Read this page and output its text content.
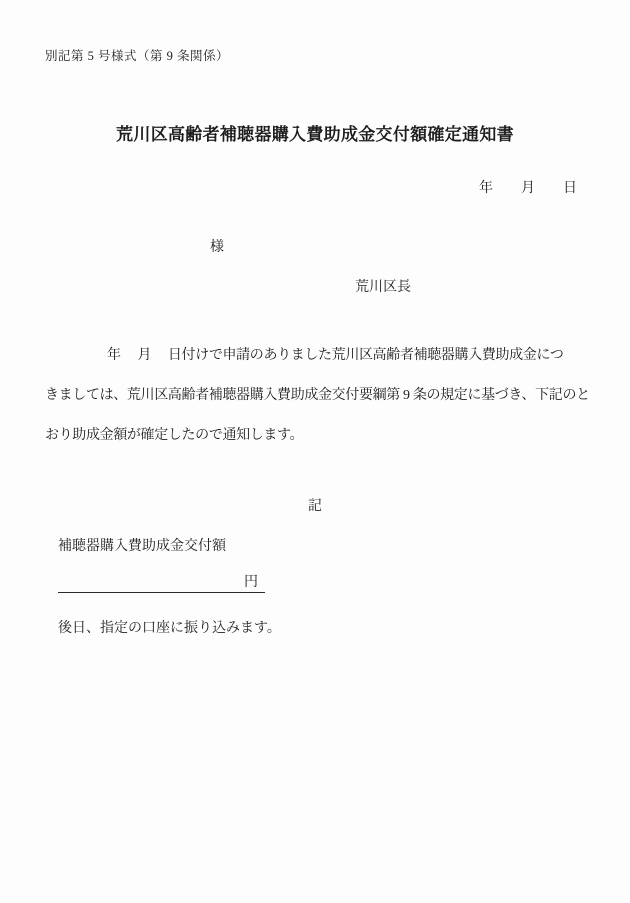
別記第 5 号様式（第 9 条関係）
荒川区高齢者補聴器購入費助成金交付額確定通知書
年　　月　　日
様
荒川区長
年　 月　 日付けで申請のありました荒川区高齢者補聴器購入費助成金につ
きましては、荒川区高齢者補聴器購入費助成金交付要綱第 9 条の規定に基づき、下記のと
おり助成金額が確定したので通知します。
記
補聴器購入費助成金交付額
円
後日、指定の口座に振り込みます。
